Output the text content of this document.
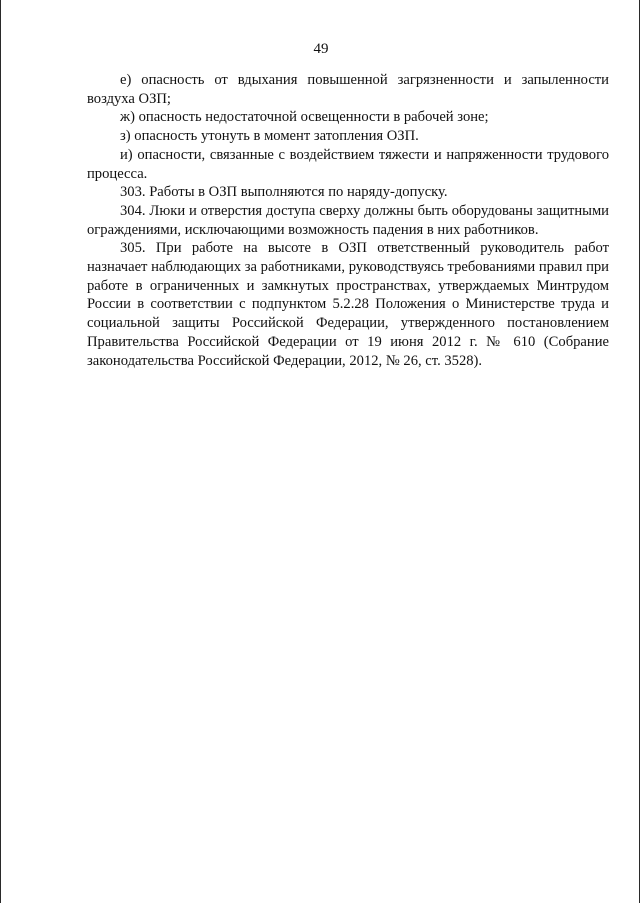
49

е) опасность от вдыхания повышенной загрязненности и запыленности воздуха ОЗП;

ж) опасность недостаточной освещенности в рабочей зоне;

з) опасность утонуть в момент затопления ОЗП.

и) опасности, связанные с воздействием тяжести и напряженности трудового процесса.

303. Работы в ОЗП выполняются по наряду-допуску.

304. Люки и отверстия доступа сверху должны быть оборудованы защитными ограждениями, исключающими возможность падения в них работников.

305. При работе на высоте в ОЗП ответственный руководитель работ назначает наблюдающих за работниками, руководствуясь требованиями правил при работе в ограниченных и замкнутых пространствах, утверждаемых Минтрудом России в соответствии с подпунктом 5.2.28 Положения о Министерстве труда и социальной защиты Российской Федерации, утвержденного постановлением Правительства Российской Федерации от 19 июня 2012 г. № 610 (Собрание законодательства Российской Федерации, 2012, № 26, ст. 3528).
